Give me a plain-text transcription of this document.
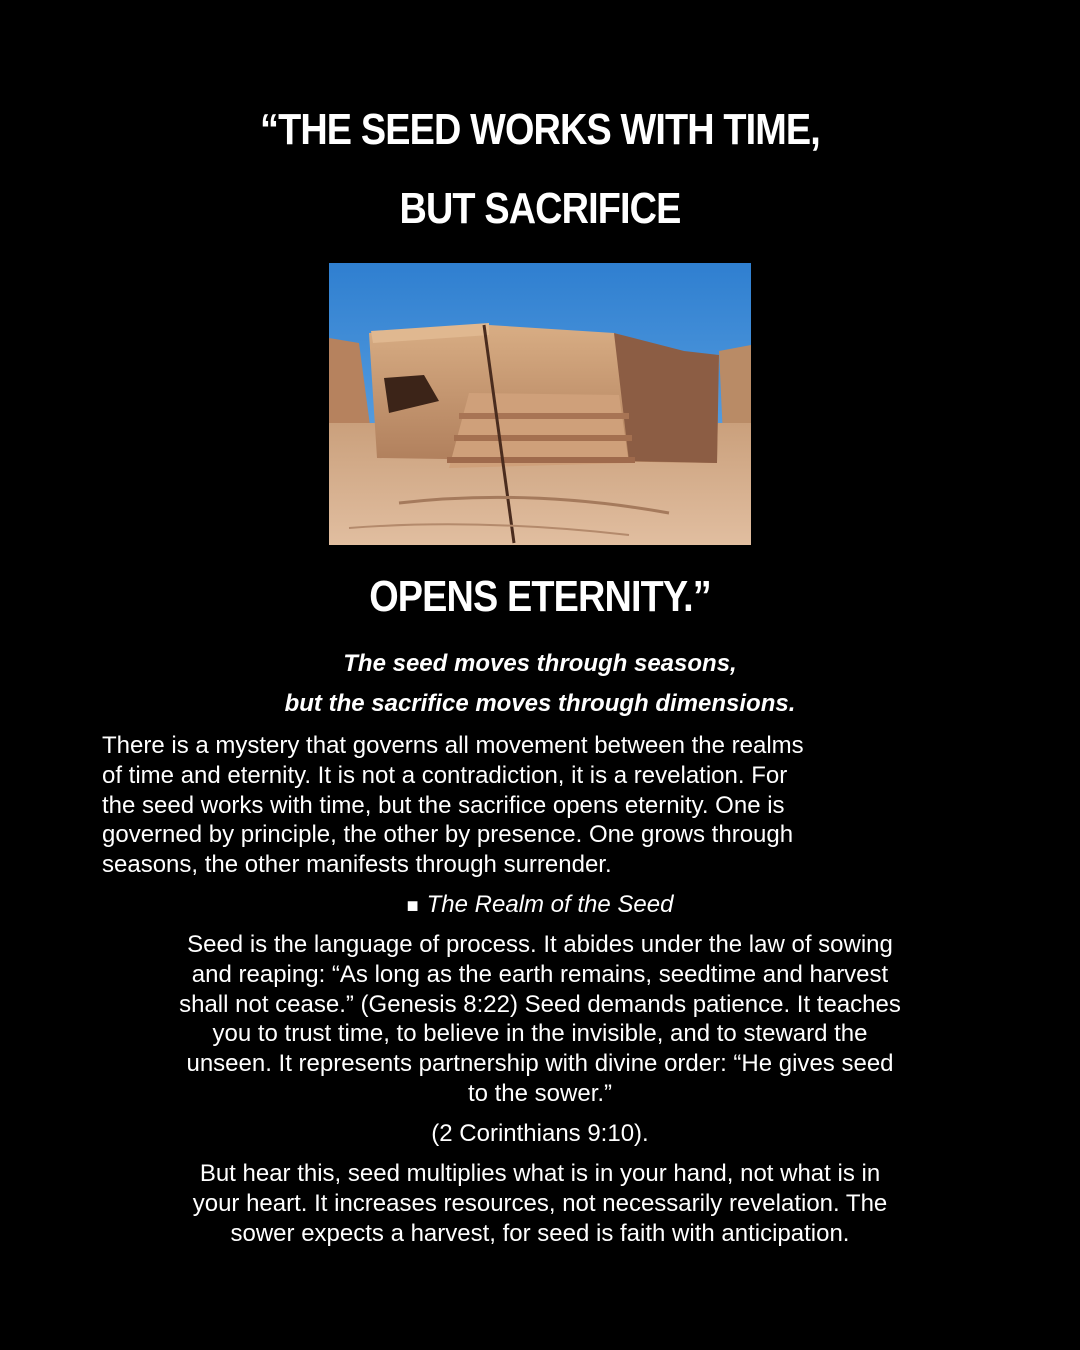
“THE SEED WORKS WITH TIME,
BUT SACRIFICE
OPENS ETERNITY.”

The seed moves through seasons,

but the sacrifice moves through dimensions.

There is a mystery that governs all movement between the realms
of time and eternity. It is not a contradiction, it is a revelation. For
the seed works with time, but the sacrifice opens eternity. One is
governed by principle, the other by presence. One grows through
seasons, the other manifests through surrender.

■ The Realm of the Seed

Seed is the language of process. It abides under the law of sowing
and reaping: “As long as the earth remains, seedtime and harvest
shall not cease.” (Genesis 8:22) Seed demands patience. It teaches
you to trust time, to believe in the invisible, and to steward the
unseen. It represents partnership with divine order: “He gives seed
to the sower.”

(2 Corinthians 9:10).

But hear this, seed multiplies what is in your hand, not what is in
your heart. It increases resources, not necessarily revelation. The
sower expects a harvest, for seed is faith with anticipation.
